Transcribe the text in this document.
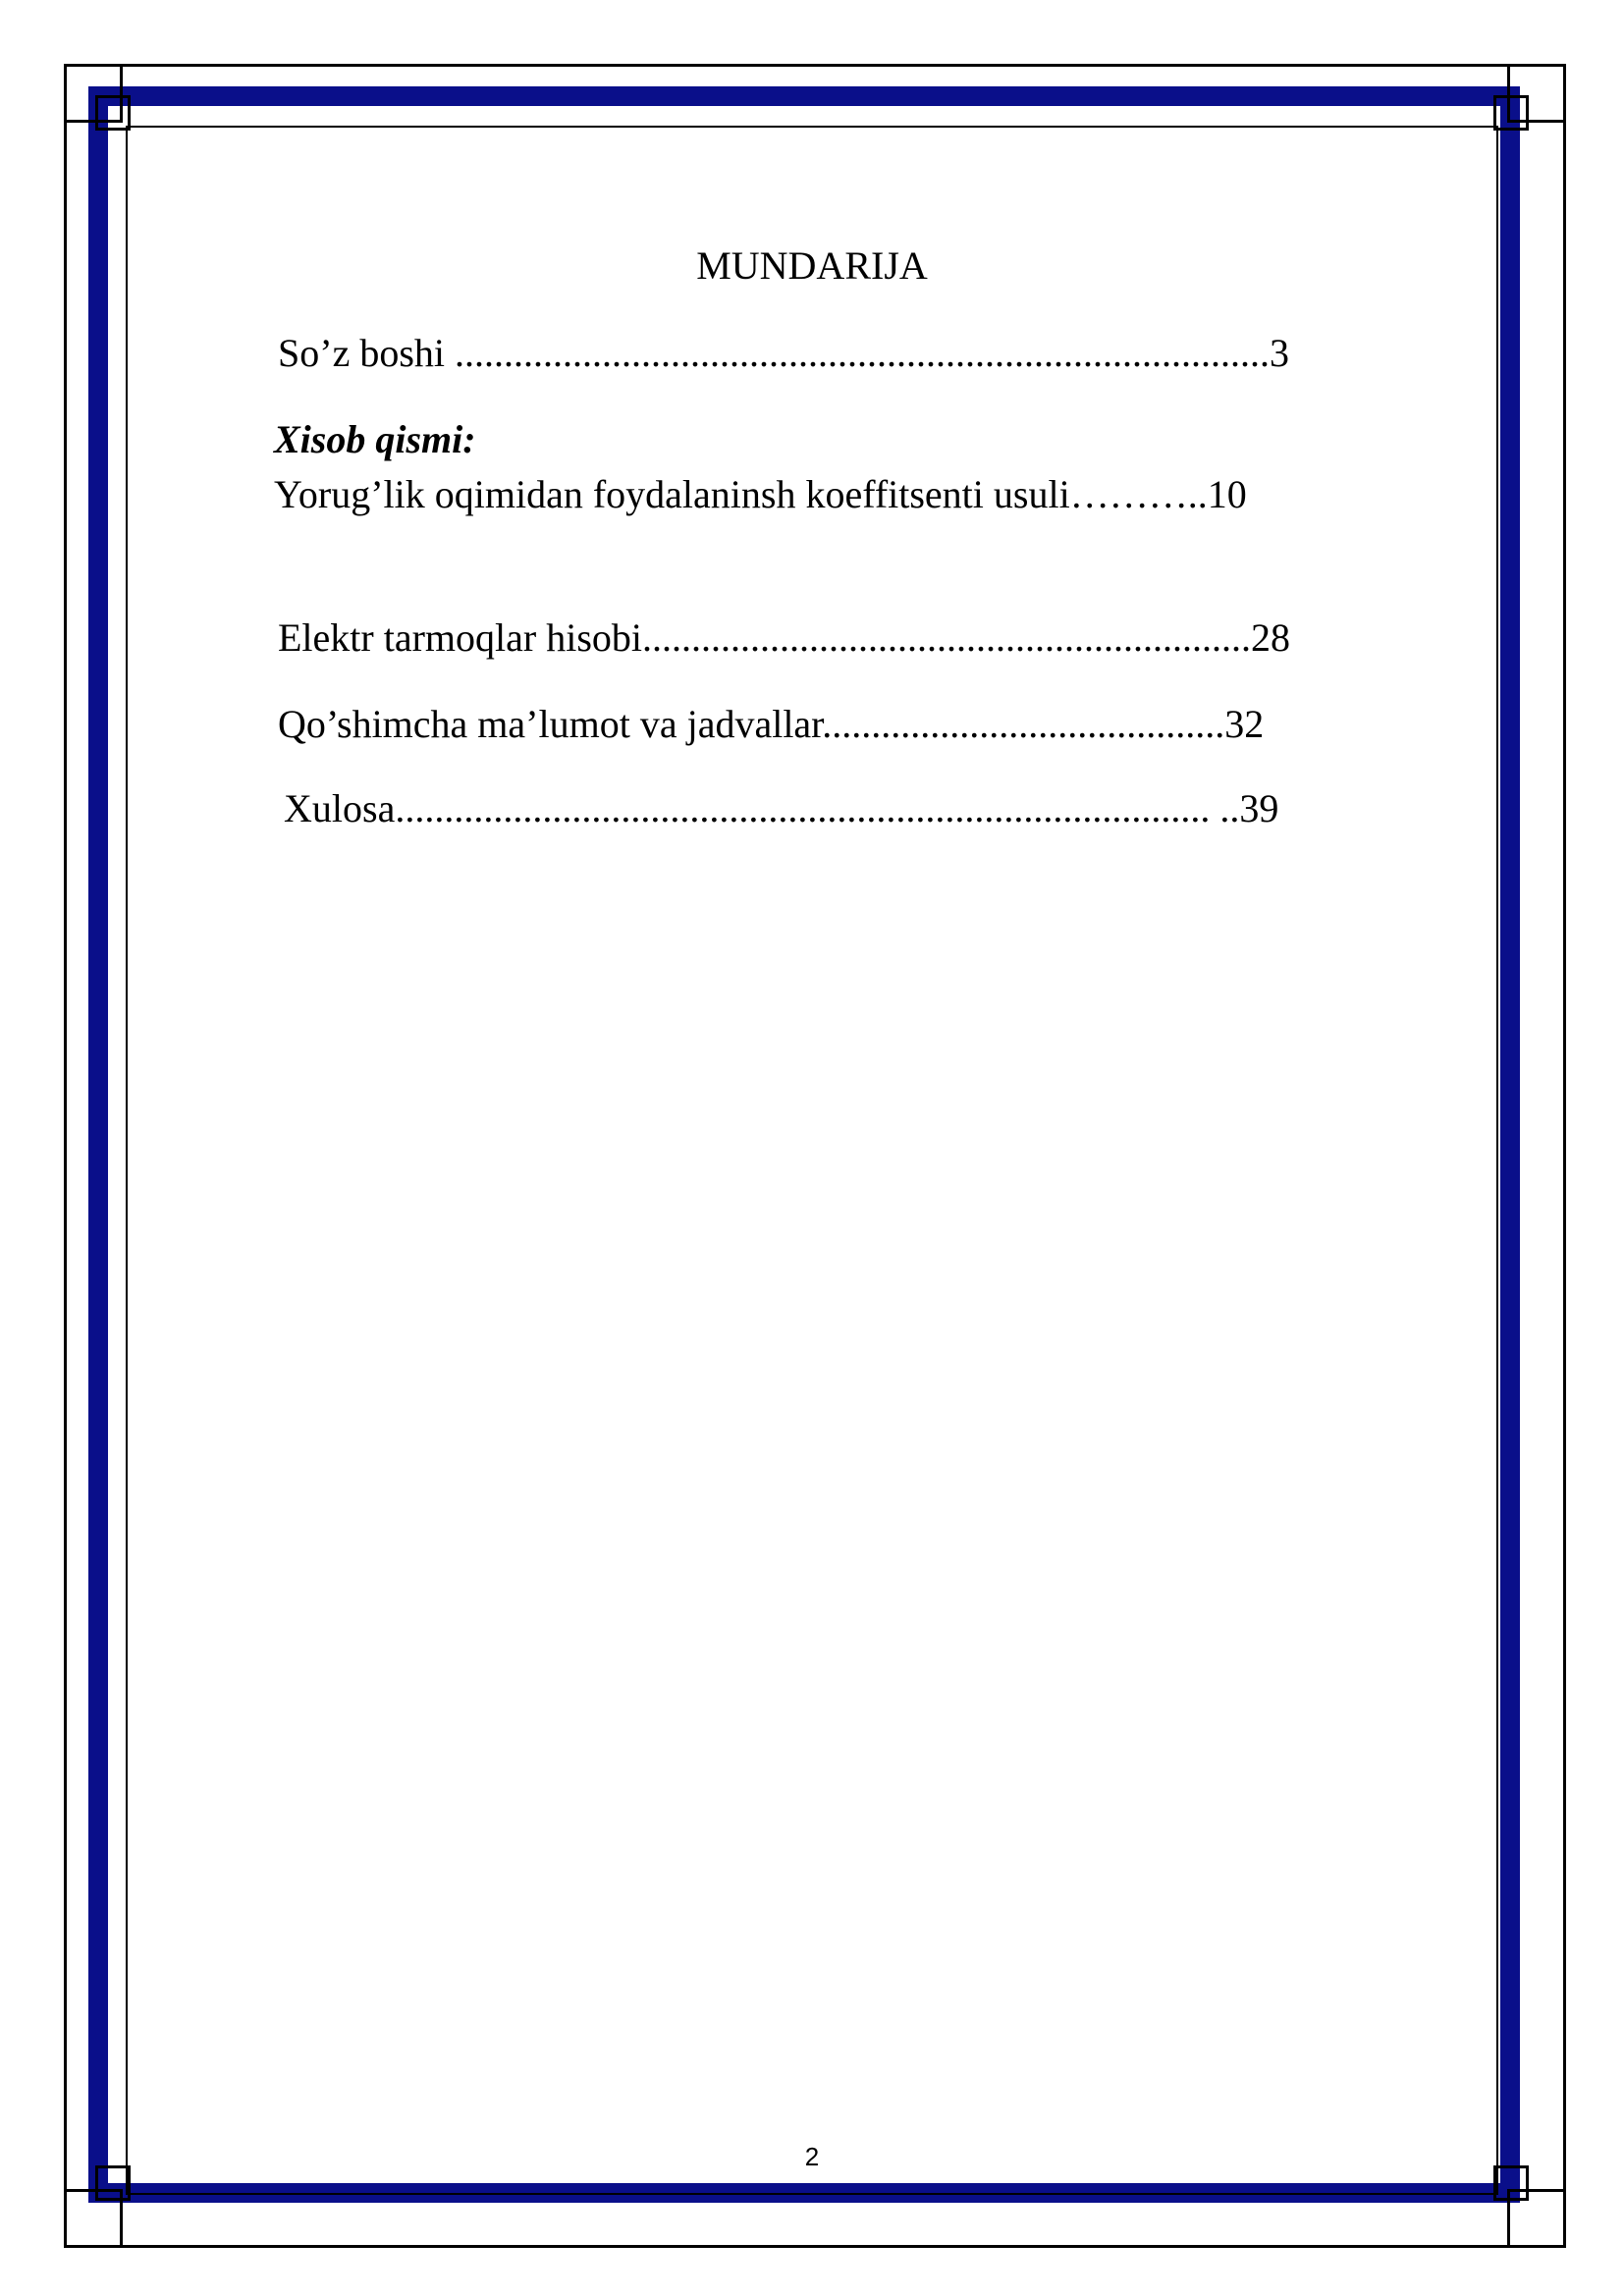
MUNDARIJA
So’z boshi ...................................................................................3
Xisob qismi:
Yorug’lik oqimidan foydalaninsh koeffitsenti usuli………..10
Elektr tarmoqlar hisobi..............................................................28
Qo’shimcha ma’lumot va jadvallar.........................................32
Xulosa................................................................................... ..39
2
